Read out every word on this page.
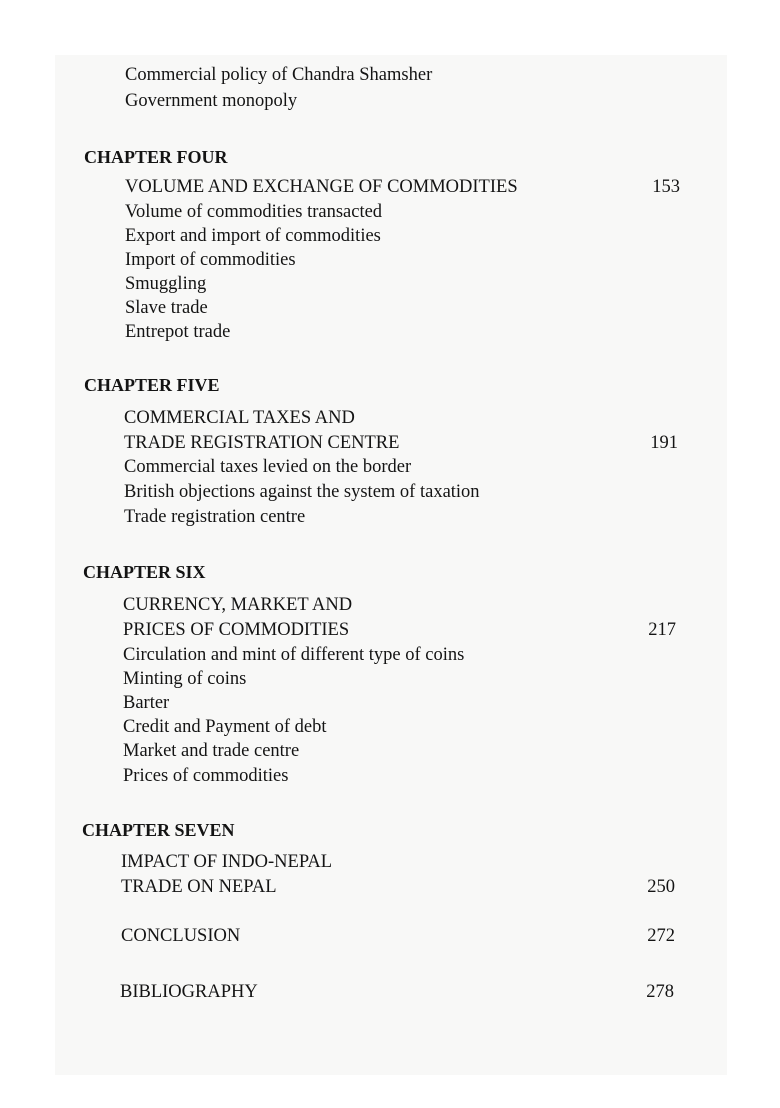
Commercial policy of Chandra Shamsher
Government monopoly
CHAPTER FOUR
VOLUME AND EXCHANGE OF COMMODITIES	153
Volume of commodities transacted
Export and import of commodities
Import of commodities
Smuggling
Slave trade
Entrepot trade
CHAPTER FIVE
COMMERCIAL TAXES AND
TRADE REGISTRATION CENTRE	191
Commercial taxes levied on the border
British objections against the system of taxation
Trade registration centre
CHAPTER SIX
CURRENCY, MARKET AND
PRICES OF COMMODITIES	217
Circulation and mint of different type of coins
Minting of coins
Barter
Credit and Payment of debt
Market and trade centre
Prices of commodities
CHAPTER SEVEN
IMPACT OF INDO-NEPAL
TRADE ON NEPAL	250
CONCLUSION	272
BIBLIOGRAPHY	278
